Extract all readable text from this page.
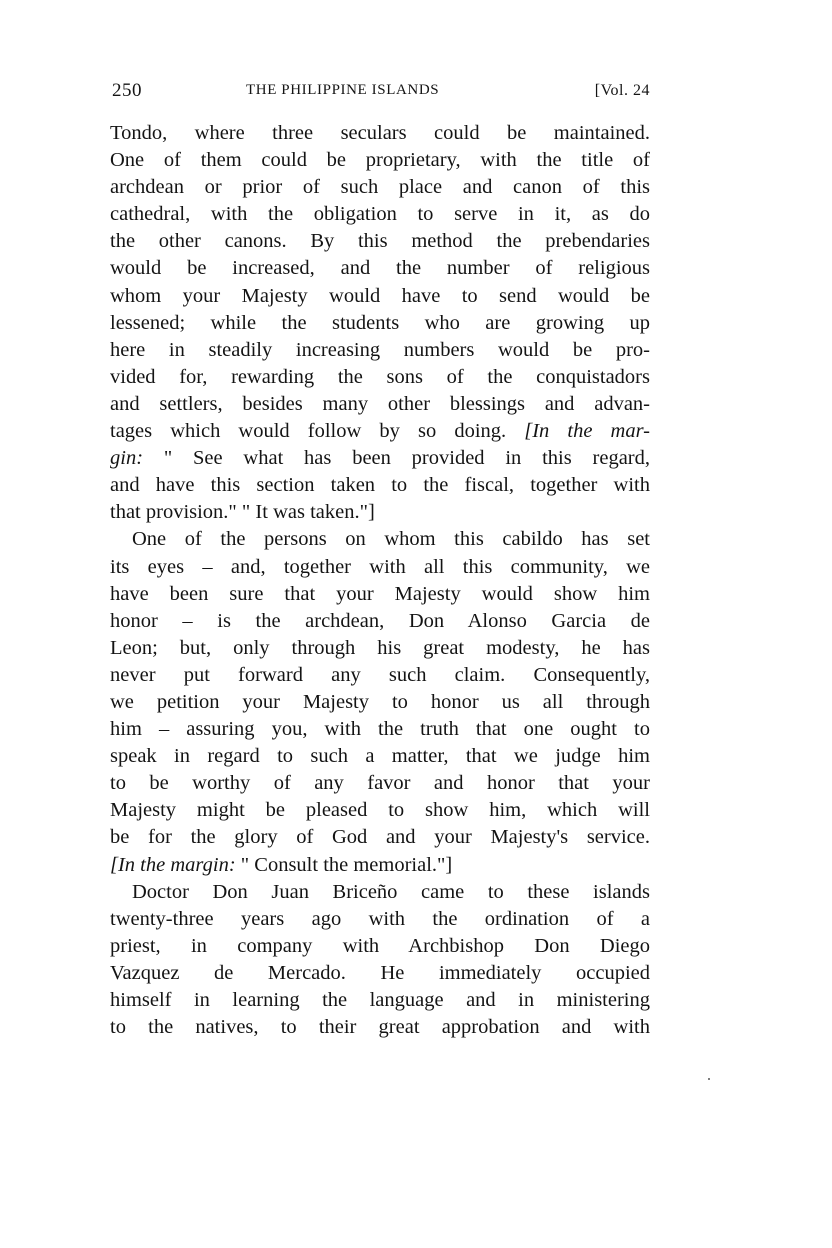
250	THE PHILIPPINE ISLANDS	[Vol. 24
Tondo, where three seculars could be maintained.
One of them could be proprietary, with the title of
archdean or prior of such place and canon of this
cathedral, with the obligation to serve in it, as do
the other canons. By this method the prebendaries
would be increased, and the number of religious
whom your Majesty would have to send would be
lessened; while the students who are growing up
here in steadily increasing numbers would be pro-
vided for, rewarding the sons of the conquistadors
and settlers, besides many other blessings and advan-
tages which would follow by so doing. [In the mar-
gin: " See what has been provided in this regard,
and have this section taken to the fiscal, together with
that provision." " It was taken."]
One of the persons on whom this cabildo has set
its eyes – and, together with all this community, we
have been sure that your Majesty would show him
honor – is the archdean, Don Alonso Garcia de
Leon; but, only through his great modesty, he has
never put forward any such claim. Consequently,
we petition your Majesty to honor us all through
him – assuring you, with the truth that one ought to
speak in regard to such a matter, that we judge him
to be worthy of any favor and honor that your
Majesty might be pleased to show him, which will
be for the glory of God and your Majesty's service.
[In the margin: " Consult the memorial."]
Doctor Don Juan Briceño came to these islands
twenty-three years ago with the ordination of a
priest, in company with Archbishop Don Diego
Vazquez de Mercado. He immediately occupied
himself in learning the language and in ministering
to the natives, to their great approbation and with
